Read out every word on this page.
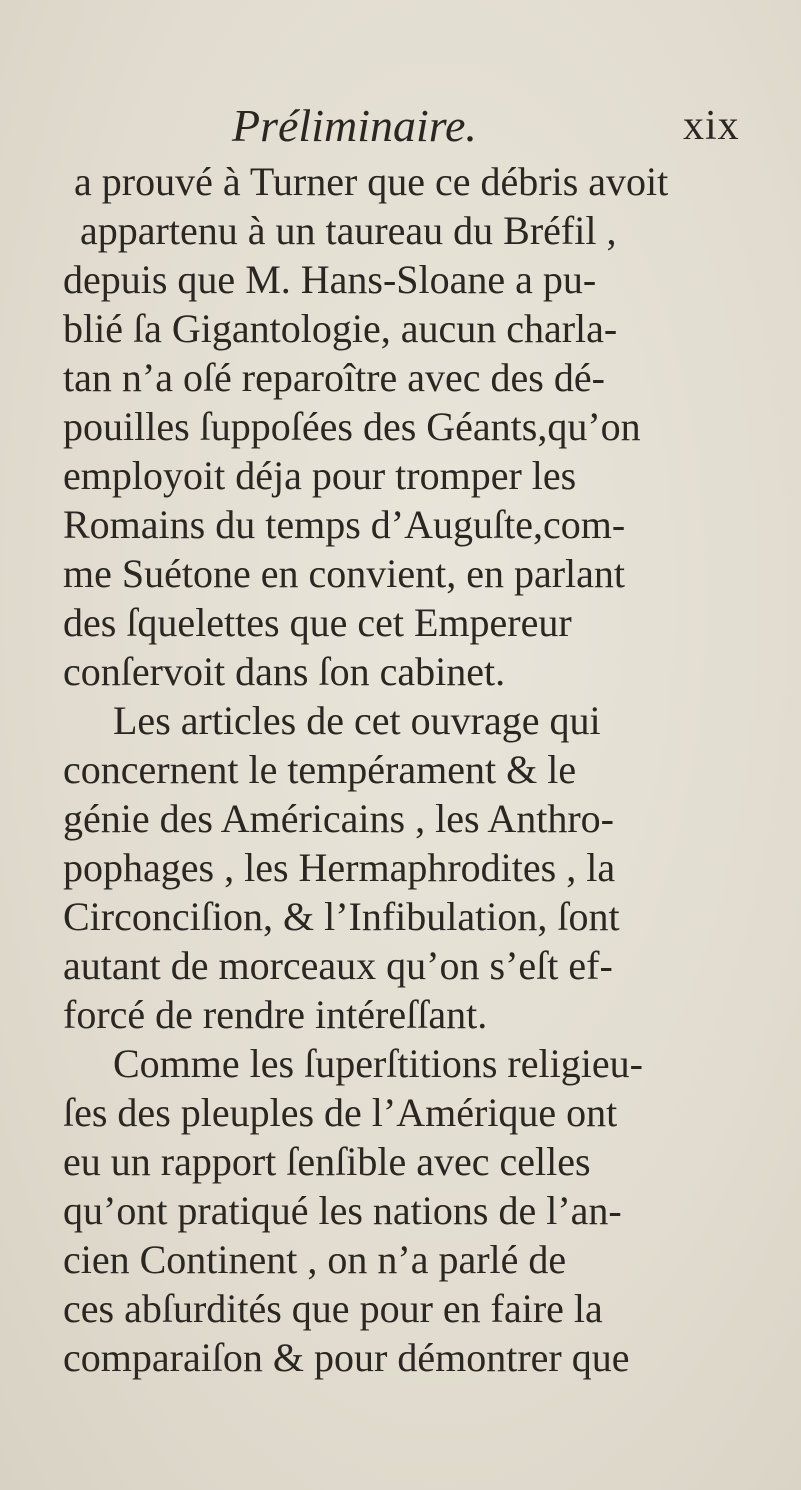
Préliminaire.	xix
a prouvé à Turner que ce débris avoit
appartenu à un taureau du Bréfil ,
depuis que M. Hans-Sloane a pu-
blié ſa Gigantologie, aucun charla-
tan n’a oſé reparoître avec des dé-
pouilles ſuppoſées des Géants,qu’on
employoit déja pour tromper les
Romains du temps d’Auguſte,com-
me Suétone en convient, en parlant
des ſquelettes que cet Empereur
conſervoit dans ſon cabinet.
Les articles de cet ouvrage qui
concernent le tempérament & le
génie des Américains , les Anthro-
pophages , les Hermaphrodites , la
Circonciſion, & l’Infibulation, ſont
autant de morceaux qu’on s’eſt ef-
forcé de rendre intéreſſant.
Comme les ſuperſtitions religieu-
ſes des pleuples de l’Amérique ont
eu un rapport ſenſible avec celles
qu’ont pratiqué les nations de l’an-
cien Continent , on n’a parlé de
ces abſurdités que pour en faire la
comparaiſon & pour démontrer que
